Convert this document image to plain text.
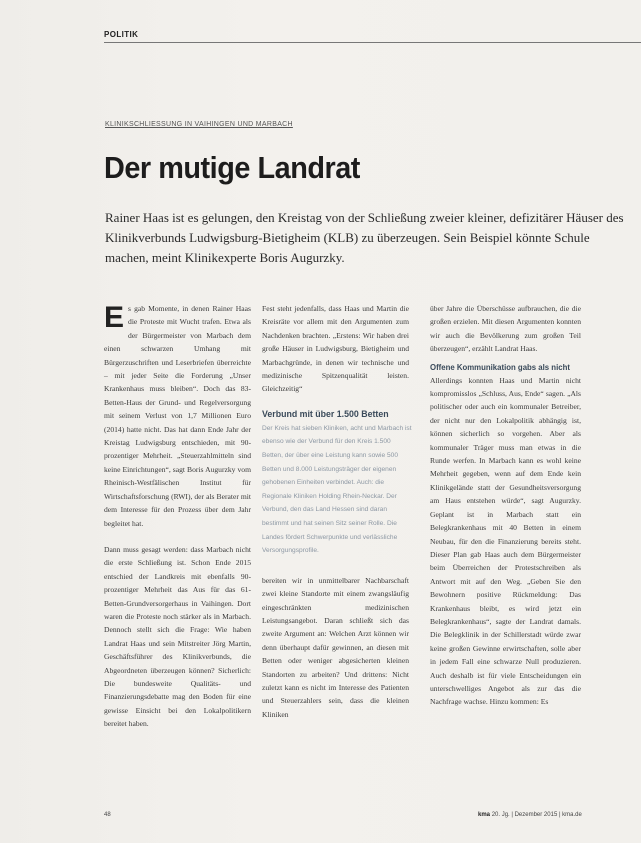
POLITIK
KLINIKSCHLIESSUNG IN VAIHINGEN UND MARBACH
Der mutige Landrat
Rainer Haas ist es gelungen, den Kreistag von der Schließung zweier kleiner, defizitärer Häuser des Klinikverbunds Ludwigsburg-Bietigheim (KLB) zu überzeugen. Sein Beispiel könnte Schule machen, meint Klinikexperte Boris Augurzky.
E s gab Momente, in denen Rainer Haas die Proteste mit Wucht trafen. Etwa als der Bürgermeister von Marbach dem einen schwarzen Umhang mit Bürgerzuschriften und Leserbriefen überreichte – mit jeder Seite die Forderung „Unser Krankenhaus muss bleiben“. Doch das 83-Betten-Haus der Grund- und Regelversorgung mit seinem Verlust von 1,7 Millionen Euro (2014) hatte nicht. Das hat dann Ende Jahr der Kreistag Ludwigsburg entschieden, mit 90-prozentiger Mehrheit. „Steuerzahlmitteln sind keine Einrichtungen“, sagt Boris Augurzky vom Rheinisch-Westfälischen Institut für Wirtschaftsforschung (RWI), der als Berater mit dem Interesse für den Prozess über dem Jahr begleitet hat.

Dann muss gesagt werden: dass Marbach nicht die erste Schließung ist. Schon Ende 2015 entschied der Landkreis mit ebenfalls 90-prozentiger Mehrheit das Aus für das 61-Betten-Grundversorgerhaus in Vaihingen. Dort waren die Proteste noch stärker als in Marbach. Dennoch stellt sich die Frage: Wie haben Landrat Haas und sein Mitstreiter Jörg Martin, Geschäftsführer des Klinikverbunds, die Abgeordneten überzeugen können? Sicherlich: Die bundesweite Qualitäts- und Finanzierungsdebatte mag den Boden für eine gewisse Einsicht bei den Lokalpolitikern bereitet haben.

Fest steht jedenfalls, dass Haas und Martin die Kreisräte vor allem mit den Argumenten zum Nachdenken brachten. „Erstens: Wir haben drei große Häuser in Ludwigsburg, Bietigheim und Marbachgründe, in denen wir technische und medizinische Spitzenqualität leisten. Gleichzeitig“

Verbund mit über 1.500 Betten
Der Kreis hat sieben Kliniken, acht und Marbach ist ebenso wie der Verbund für den Kreis 1.500 Betten, der über eine Leistung kann sowie 500 Betten und 8.000 Leistungsträger der eigenen gehobenen Einheiten verbindet. Auch: die Regionale Kliniken Holding Rhein-Neckar. Der Verbund, den das Land Hessen sind daran bestimmt und hat seinen Sitz seiner Rolle. Die Landes fördert Schwerpunkte und verlässliche Versorgungsprofile.

bereiten wir in unmittelbarer Nachbarschaft zwei kleine Standorte mit einem zwangsläufig eingeschränkten medizinischen Leistungsangebot. Daran schließt sich das zweite Argument an: Welchen Arzt können wir denn überhaupt dafür gewinnen, an diesen mit Betten oder weniger abgesicherten kleinen Standorten zu arbeiten? Und drittens: Nicht zuletzt kann es nicht im Interesse des Patienten und Steuerzahlers sein, dass die kleinen Kliniken

über Jahre die Überschüsse aufbrauchen, die die großen erzielen. Mit diesen Argumenten konnten wir auch die Bevölkerung zum großen Teil überzeugen“, erzählt Landrat Haas.

Offene Kommunikation gabs als nicht

Allerdings konnten Haas und Martin nicht kompromisslos „Schluss, Aus, Ende“ sagen. „Als politischer oder auch ein kommunaler Betreiber, der nicht nur den Lokalpolitik abhängig ist, können sicherlich so vorgehen. Aber als kommunaler Träger muss man etwas in die Runde werfen. In Marbach kann es wohl keine Mehrheit gegeben, wenn auf dem Ende kein Klinikgelände statt der Gesundheitsversorgung am Haus entstehen würde“, sagt Augurzky. Geplant ist in Marbach statt ein Belegkrankenhaus mit 40 Betten in einem Neubau, für den die Finanzierung bereits steht. Dieser Plan gab Haas auch dem Bürgermeister beim Überreichen der Protestschreiben als Antwort mit auf den Weg. „Geben Sie den Bewohnern positive Rückmeldung: Das Krankenhaus bleibt, es wird jetzt ein Belegkrankenhaus“, sagte der Landrat damals. Die Belegklinik in der Schillerstadt würde zwar keine großen Gewinne erwirtschaften, solle aber in jedem Fall eine schwarze Null produzieren. Auch deshalb ist für viele Entscheidungen ein unterschwelliges Angebot als zur das die Nachfrage wachse. Hinzu kommen: Es

48	kma 20. Jg. | Dezember 2015 | kma.de
